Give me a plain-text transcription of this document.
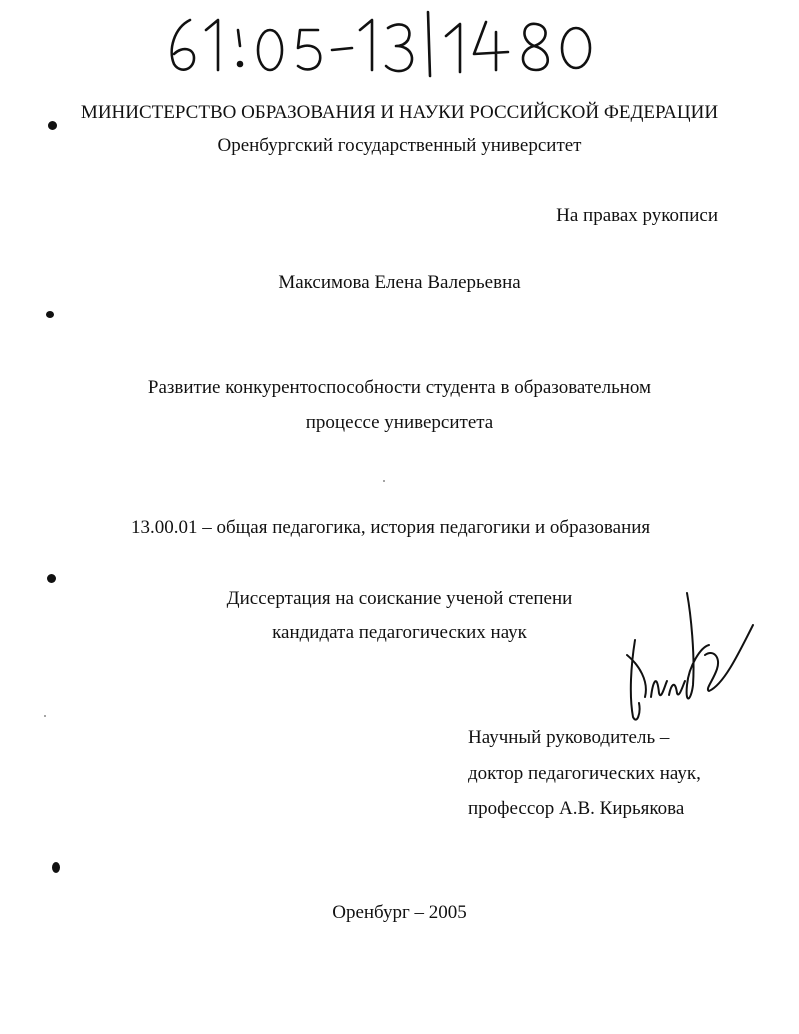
МИНИСТЕРСТВО ОБРАЗОВАНИЯ И НАУКИ РОССИЙСКОЙ ФЕДЕРАЦИИ
Оренбургский государственный университет
На правах рукописи
Максимова Елена Валерьевна
Развитие конкурентоспособности студента в образовательном
процессе университета
13.00.01 – общая педагогика, история педагогики и образования
Диссертация на соискание ученой степени
кандидата педагогических наук
Научный руководитель –
доктор педагогических наук,
профессор А.В. Кирьякова
Оренбург – 2005
